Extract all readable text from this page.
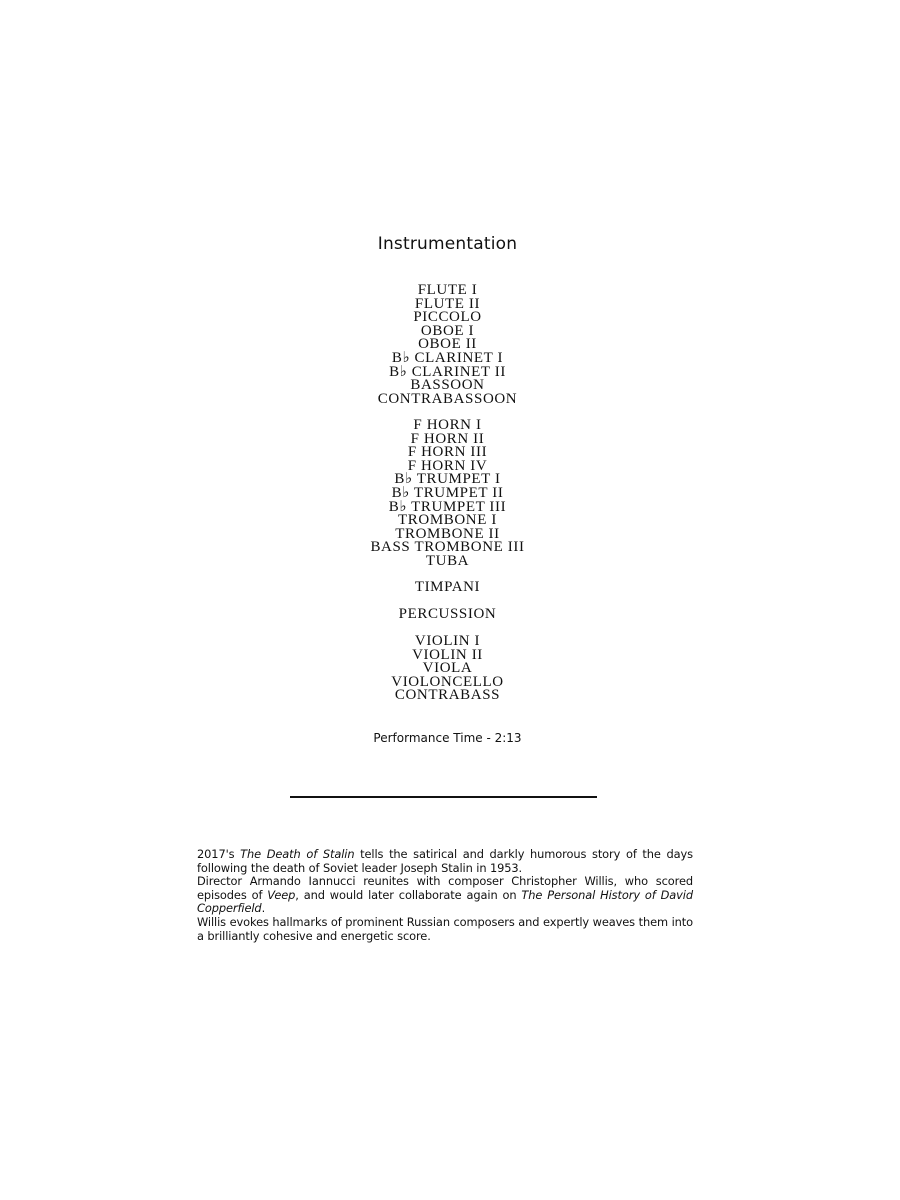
Instrumentation
FLUTE I
FLUTE II
PICCOLO
OBOE I
OBOE II
B♭ CLARINET I
B♭ CLARINET II
BASSOON
CONTRABASSOON
F HORN I
F HORN II
F HORN III
F HORN IV
B♭ TRUMPET I
B♭ TRUMPET II
B♭ TRUMPET III
TROMBONE I
TROMBONE II
BASS TROMBONE III
TUBA
TIMPANI
PERCUSSION
VIOLIN I
VIOLIN II
VIOLA
VIOLONCELLO
CONTRABASS
Performance Time - 2:13

2017's The Death of Stalin tells the satirical and darkly humorous story of the days following the death of Soviet leader Joseph Stalin in 1953.

Director Armando Iannucci reunites with composer Christopher Willis, who scored episodes of Veep, and would later collaborate again on The Personal History of David Copperfield.

Willis evokes hallmarks of prominent Russian composers and expertly weaves them into a brilliantly cohesive and energetic score.
